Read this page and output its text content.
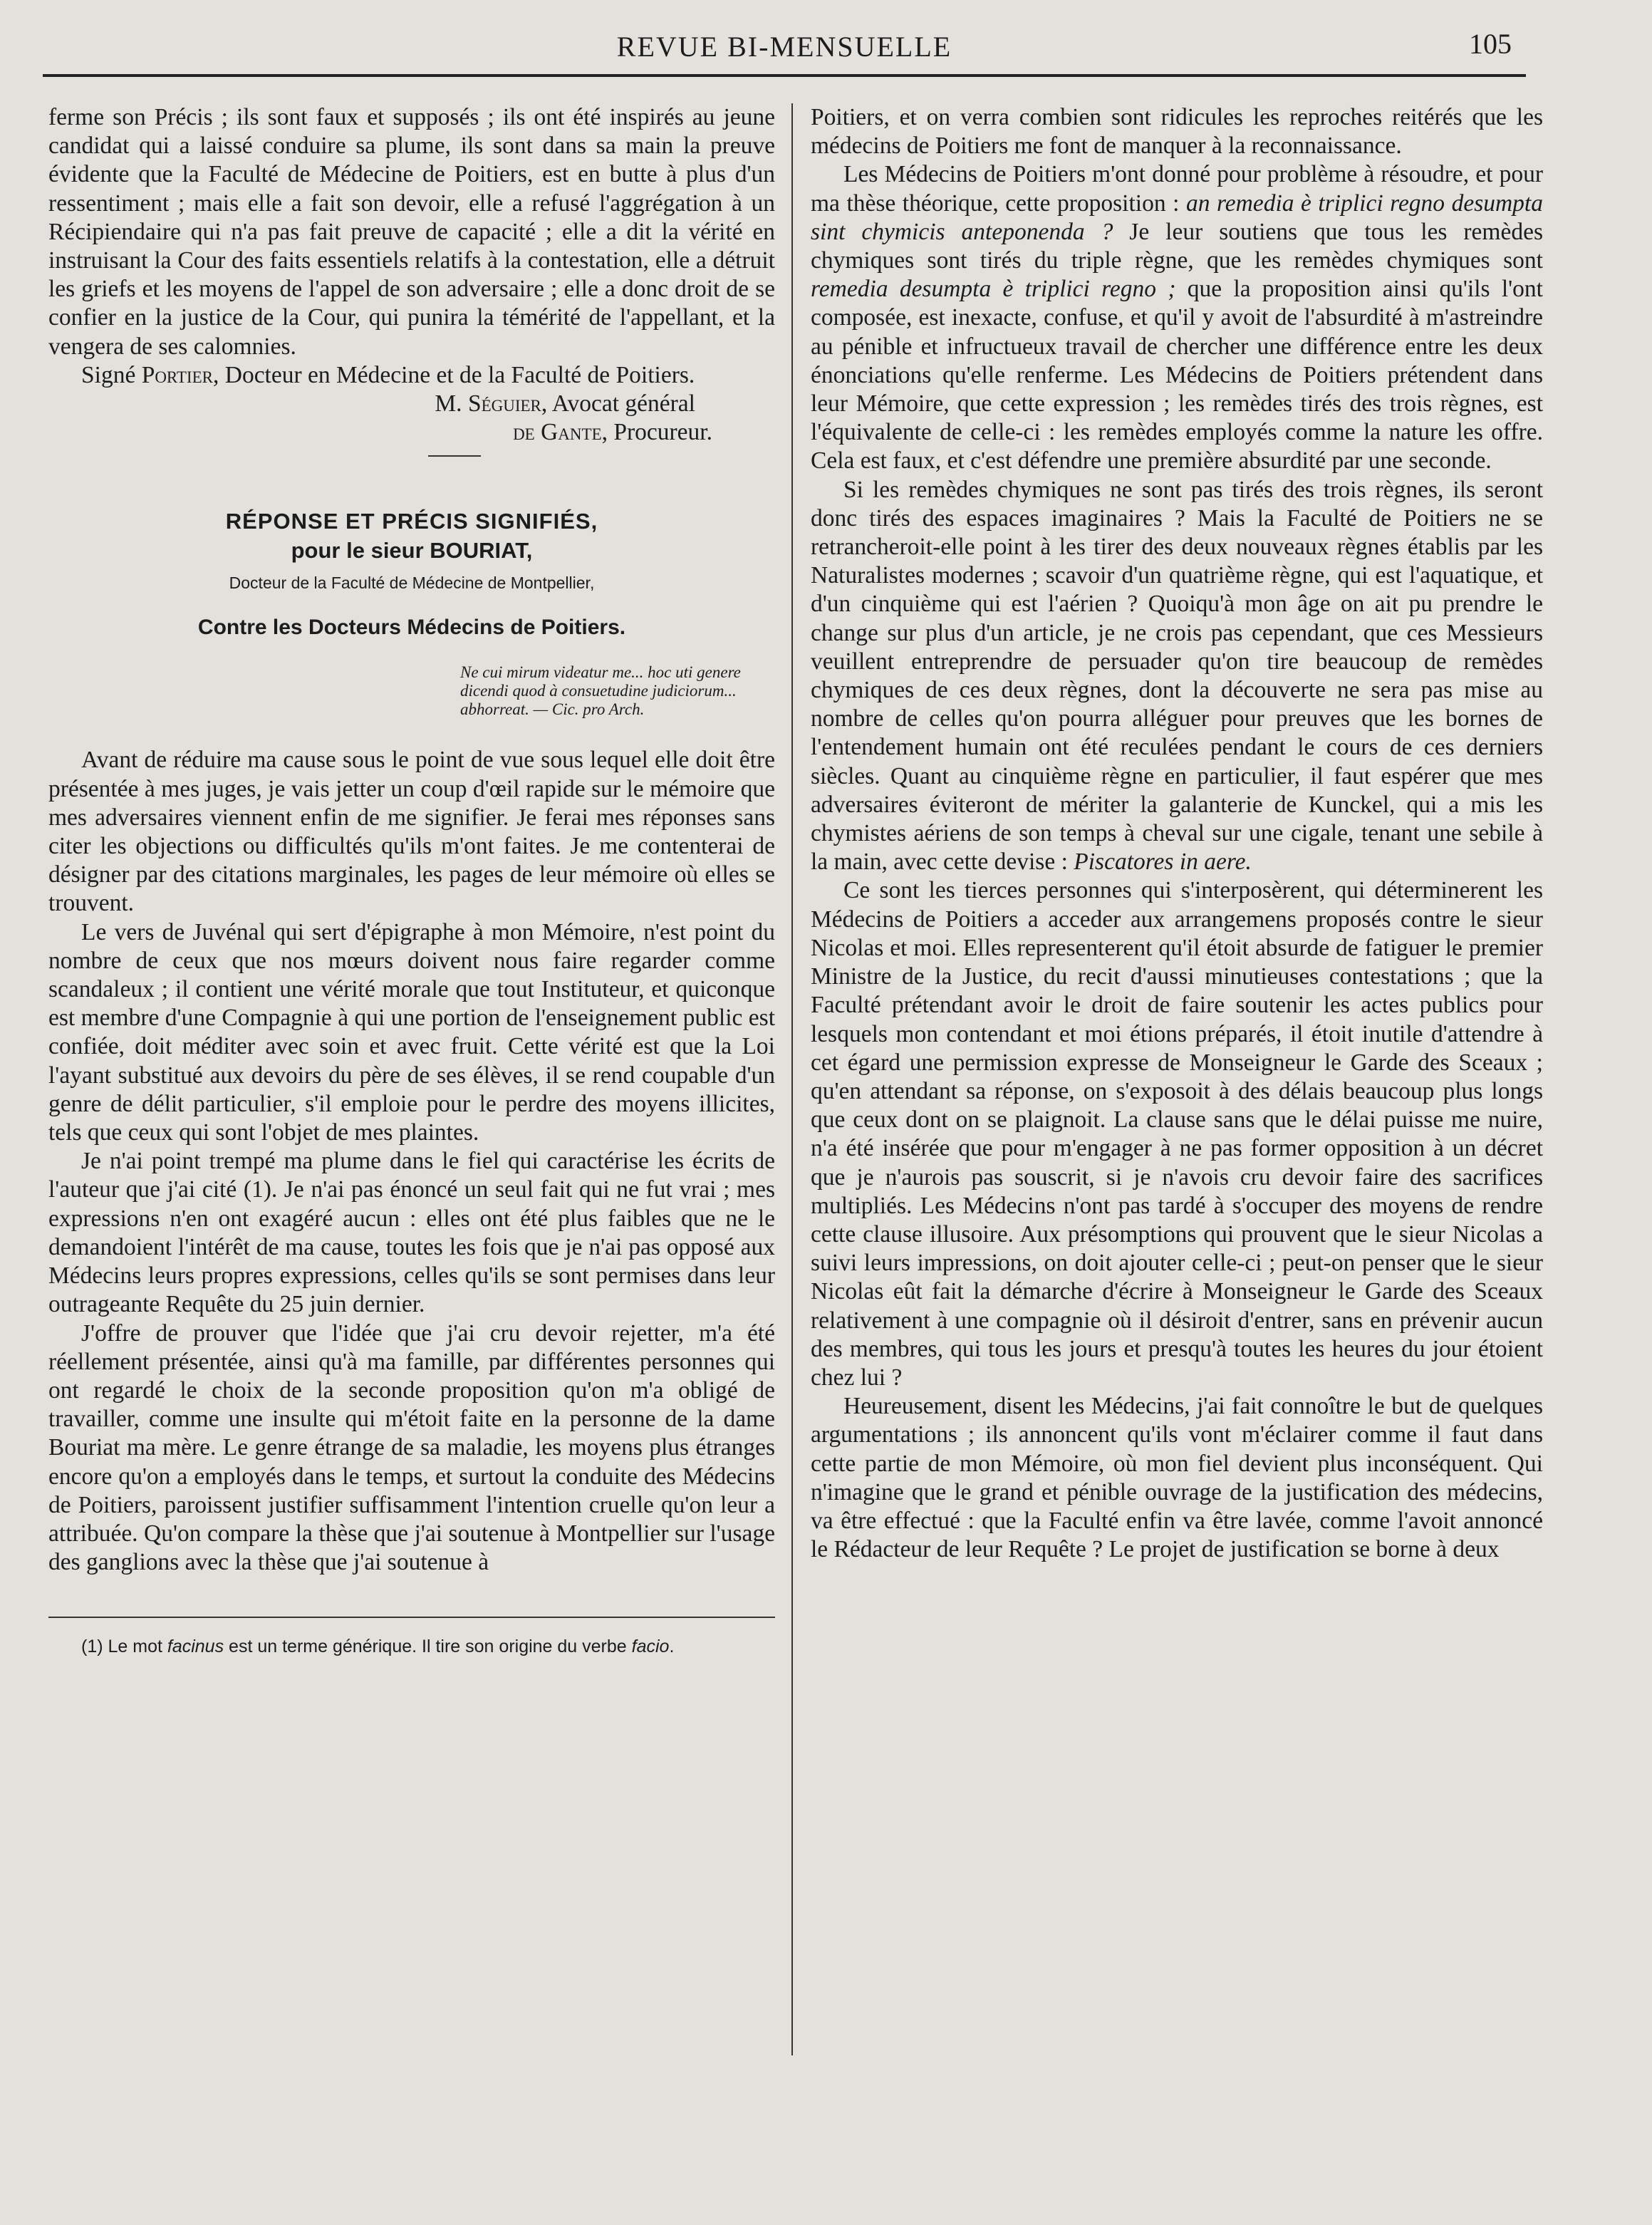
REVUE BI-MENSUELLE	105

ferme son Précis ; ils sont faux et supposés ; ils ont été inspirés au jeune candidat qui a laissé conduire sa plume, ils sont dans sa main la preuve évidente que la Faculté de Médecine de Poitiers, est en butte à plus d'un ressentiment ; mais elle a fait son devoir, elle a refusé l'aggrégation à un Récipiendaire qui n'a pas fait preuve de capacité ; elle a dit la vérité en instruisant la Cour des faits essentiels relatifs à la contestation, elle a détruit les griefs et les moyens de l'appel de son adversaire ; elle a donc droit de se confier en la justice de la Cour, qui punira la témérité de l'appellant, et la vengera de ses calomnies.

Signé Portier, Docteur en Médecine et de la Faculté de Poitiers.

M. Séguier, Avocat général

de Gante, Procureur.

RÉPONSE ET PRÉCIS SIGNIFIÉS,
pour le sieur BOURIAT,
Docteur de la Faculté de Médecine de Montpellier,
Contre les Docteurs Médecins de Poitiers.
Ne cui mirum videatur me... hoc uti genere dicendi quod à consuetudine judiciorum... abhorreat. — Cic. pro Arch.

Avant de réduire ma cause sous le point de vue sous lequel elle doit être présentée à mes juges, je vais jetter un coup d'œil rapide sur le mémoire que mes adversaires viennent enfin de me signifier. Je ferai mes réponses sans citer les objections ou difficultés qu'ils m'ont faites. Je me contenterai de désigner par des citations marginales, les pages de leur mémoire où elles se trouvent.

Le vers de Juvénal qui sert d'épigraphe à mon Mémoire, n'est point du nombre de ceux que nos mœurs doivent nous faire regarder comme scandaleux ; il contient une vérité morale que tout Instituteur, et quiconque est membre d'une Compagnie à qui une portion de l'enseignement public est confiée, doit méditer avec soin et avec fruit. Cette vérité est que la Loi l'ayant substitué aux devoirs du père de ses élèves, il se rend coupable d'un genre de délit particulier, s'il emploie pour le perdre des moyens illicites, tels que ceux qui sont l'objet de mes plaintes.

Je n'ai point trempé ma plume dans le fiel qui caractérise les écrits de l'auteur que j'ai cité (1). Je n'ai pas énoncé un seul fait qui ne fut vrai ; mes expressions n'en ont exagéré aucun : elles ont été plus faibles que ne le demandoient l'intérêt de ma cause, toutes les fois que je n'ai pas opposé aux Médecins leurs propres expressions, celles qu'ils se sont permises dans leur outrageante Requête du 25 juin dernier.

J'offre de prouver que l'idée que j'ai cru devoir rejetter, m'a été réellement présentée, ainsi qu'à ma famille, par différentes personnes qui ont regardé le choix de la seconde proposition qu'on m'a obligé de travailler, comme une insulte qui m'étoit faite en la personne de la dame Bouriat ma mère. Le genre étrange de sa maladie, les moyens plus étranges encore qu'on a employés dans le temps, et surtout la conduite des Médecins de Poitiers, paroissent justifier suffisamment l'intention cruelle qu'on leur a attribuée. Qu'on compare la thèse que j'ai soutenue à Montpellier sur l'usage des ganglions avec la thèse que j'ai soutenue à

(1) Le mot facinus est un terme générique. Il tire son origine du verbe facio.

Poitiers, et on verra combien sont ridicules les reproches reitérés que les médecins de Poitiers me font de manquer à la reconnaissance.

Les Médecins de Poitiers m'ont donné pour problème à résoudre, et pour ma thèse théorique, cette proposition : an remedia è triplici regno desumpta sint chymicis anteponenda ? Je leur soutiens que tous les remèdes chymiques sont tirés du triple règne, que les remèdes chymiques sont remedia desumpta è triplici regno ; que la proposition ainsi qu'ils l'ont composée, est inexacte, confuse, et qu'il y avoit de l'absurdité à m'astreindre au pénible et infructueux travail de chercher une différence entre les deux énonciations qu'elle renferme. Les Médecins de Poitiers prétendent dans leur Mémoire, que cette expression ; les remèdes tirés des trois règnes, est l'équivalente de celle-ci : les remèdes employés comme la nature les offre. Cela est faux, et c'est défendre une première absurdité par une seconde.

Si les remèdes chymiques ne sont pas tirés des trois règnes, ils seront donc tirés des espaces imaginaires ? Mais la Faculté de Poitiers ne se retrancheroit-elle point à les tirer des deux nouveaux règnes établis par les Naturalistes modernes ; scavoir d'un quatrième règne, qui est l'aquatique, et d'un cinquième qui est l'aérien ? Quoiqu'à mon âge on ait pu prendre le change sur plus d'un article, je ne crois pas cependant, que ces Messieurs veuillent entreprendre de persuader qu'on tire beaucoup de remèdes chymiques de ces deux règnes, dont la découverte ne sera pas mise au nombre de celles qu'on pourra alléguer pour preuves que les bornes de l'entendement humain ont été reculées pendant le cours de ces derniers siècles. Quant au cinquième règne en particulier, il faut espérer que mes adversaires éviteront de mériter la galanterie de Kunckel, qui a mis les chymistes aériens de son temps à cheval sur une cigale, tenant une sebile à la main, avec cette devise : Piscatores in aere.

Ce sont les tierces personnes qui s'interposèrent, qui déterminerent les Médecins de Poitiers a acceder aux arrangemens proposés contre le sieur Nicolas et moi. Elles representerent qu'il étoit absurde de fatiguer le premier Ministre de la Justice, du recit d'aussi minutieuses contestations ; que la Faculté prétendant avoir le droit de faire soutenir les actes publics pour lesquels mon contendant et moi étions préparés, il étoit inutile d'attendre à cet égard une permission expresse de Monseigneur le Garde des Sceaux ; qu'en attendant sa réponse, on s'exposoit à des délais beaucoup plus longs que ceux dont on se plaignoit. La clause sans que le délai puisse me nuire, n'a été insérée que pour m'engager à ne pas former opposition à un décret que je n'aurois pas souscrit, si je n'avois cru devoir faire des sacrifices multipliés. Les Médecins n'ont pas tardé à s'occuper des moyens de rendre cette clause illusoire. Aux présomptions qui prouvent que le sieur Nicolas a suivi leurs impressions, on doit ajouter celle-ci ; peut-on penser que le sieur Nicolas eût fait la démarche d'écrire à Monseigneur le Garde des Sceaux relativement à une compagnie où il désiroit d'entrer, sans en prévenir aucun des membres, qui tous les jours et presqu'à toutes les heures du jour étoient chez lui ?

Heureusement, disent les Médecins, j'ai fait connoître le but de quelques argumentations ; ils annoncent qu'ils vont m'éclairer comme il faut dans cette partie de mon Mémoire, où mon fiel devient plus inconséquent. Qui n'imagine que le grand et pénible ouvrage de la justification des médecins, va être effectué : que la Faculté enfin va être lavée, comme l'avoit annoncé le Rédacteur de leur Requête ? Le projet de justification se borne à deux
